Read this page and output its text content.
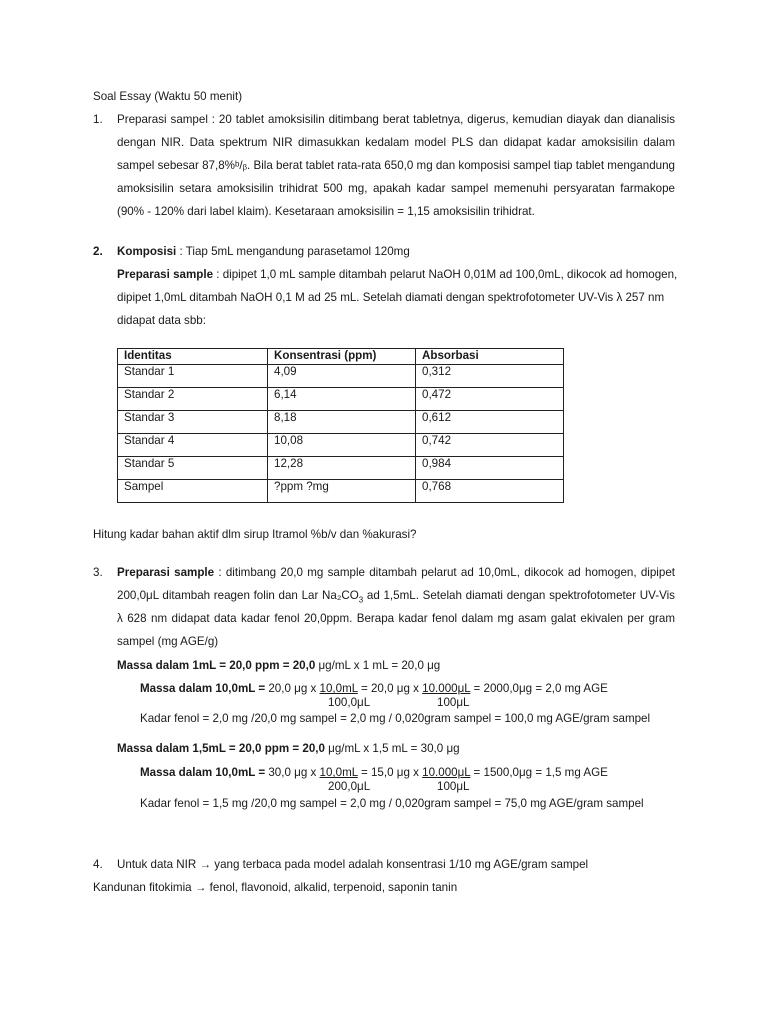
Soal Essay (Waktu 50 menit)
1. Preparasi sampel : 20 tablet amoksisilin ditimbang berat tabletnya, digerus, kemudian diayak dan dianalisis
dengan NIR. Data spektrum NIR dimasukkan kedalam model PLS dan didapat kadar amoksisilin dalam
sampel sebesar 87,8%ᵇ/ᵦ. Bila berat tablet rata-rata 650,0 mg dan komposisi sampel tiap tablet mengandung
amoksisilin setara amoksisilin trihidrat 500 mg, apakah kadar sampel memenuhi persyaratan farmakope
(90% - 120% dari label klaim). Kesetaraan amoksisilin = 1,15 amoksisilin trihidrat.
2. Komposisi : Tiap 5mL mengandung parasetamol 120mg
Preparasi sample : dipipet 1,0 mL sample ditambah pelarut NaOH 0,01M ad 100,0mL, dikocok ad homogen,
dipipet 1,0mL ditambah NaOH 0,1 M ad 25 mL. Setelah diamati dengan spektrofotometer UV-Vis λ 257 nm
didapat data sbb:
Identitas	Konsentrasi (ppm)	Absorbasi
Standar 1	4,09	0,312
Standar 2	6,14	0,472
Standar 3	8,18	0,612
Standar 4	10,08	0,742
Standar 5	12,28	0,984
Sampel	?ppm ?mg	0,768
Hitung kadar bahan aktif dlm sirup Itramol %b/v dan %akurasi?
3. Preparasi sample : ditimbang 20,0 mg sample ditambah pelarut ad 10,0mL, dikocok ad homogen, dipipet
200,0μL ditambah reagen folin dan Lar $Na_2CO_3$ ad 1,5mL. Setelah diamati dengan spektrofotometer UV-Vis
λ 628 nm didapat data kadar fenol 20,0ppm. Berapa kadar fenol dalam mg asam galat ekivalen per gram
sampel (mg AGE/g)
Massa dalam 1mL = 20,0 ppm = 20,0 μg/mL x 1 mL = 20,0 μg
Massa dalam 10,0mL = 20,0 μg x 10,0mL = 20,0 μg x 10.000μL = 2000,0μg = 2,0 mg AGE
100,0μL	100μL
Kadar fenol = 2,0 mg /20,0 mg sampel = 2,0 mg / 0,020gram sampel = 100,0 mg AGE/gram sampel
Massa dalam 1,5mL = 20,0 ppm = 20,0 μg/mL x 1,5 mL = 30,0 μg
Massa dalam 10,0mL = 30,0 μg x 10,0mL = 15,0 μg x 10.000μL = 1500,0μg = 1,5 mg AGE
200,0μL	100μL
Kadar fenol = 1,5 mg /20,0 mg sampel = 2,0 mg / 0,020gram sampel = 75,0 mg AGE/gram sampel
4. Untuk data NIR → yang terbaca pada model adalah konsentrasi 1/10 mg AGE/gram sampel
Kandunan fitokimia → fenol, flavonoid, alkalid, terpenoid, saponin tanin
